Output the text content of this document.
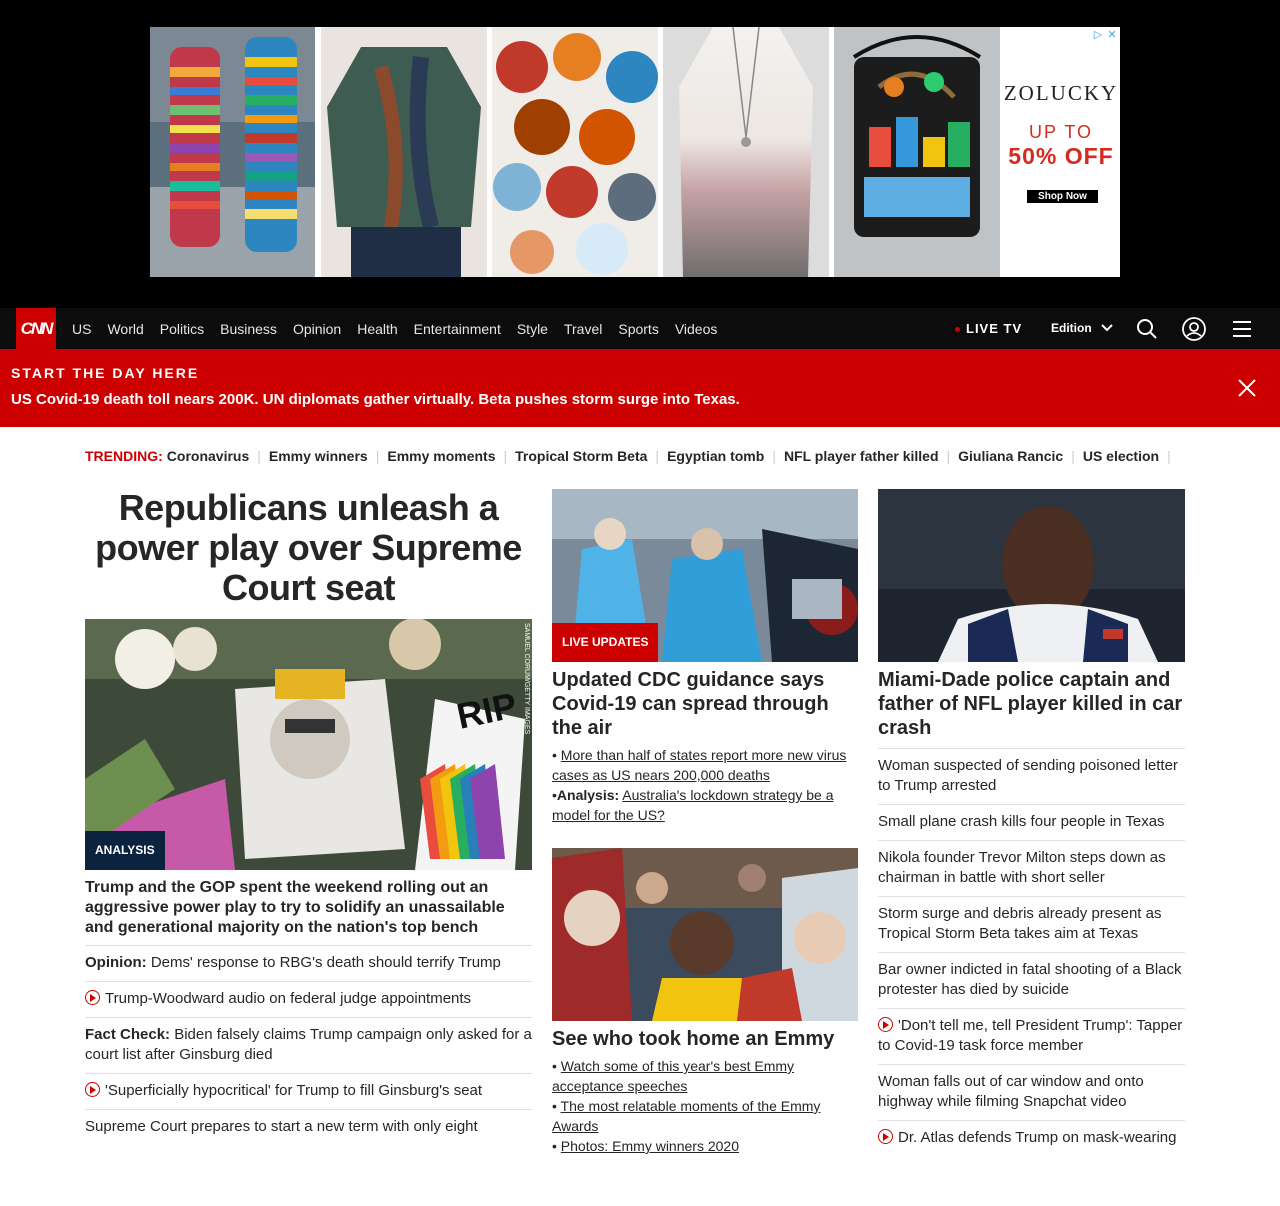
▷ ✕
ZOLUCKY
UP TO
50% OFF
Shop Now
CNN	US	World	Politics	Business	Opinion	Health	Entertainment	Style	Travel	Sports	Videos	LIVE TV Edition
START THE DAY HERE
US Covid-19 death toll nears 200K. UN diplomats gather virtually. Beta pushes storm surge into Texas.
TRENDING: Coronavirus | Emmy winners | Emmy moments | Tropical Storm Beta | Egyptian tomb | NFL player father killed | Giuliana Rancic | US election |
Republicans unleash a power play over Supreme Court seat
RIP SAMUEL CORUM/GETTY IMAGES
ANALYSIS
Trump and the GOP spent the weekend rolling out an aggressive power play to try to solidify an unassailable and generational majority on the nation's top bench
Opinion: Dems' response to RBG's death should terrify Trump
Trump-Woodward audio on federal judge appointments
Fact Check: Biden falsely claims Trump campaign only asked for a court list after Ginsburg died
'Superficially hypocritical' for Trump to fill Ginsburg's seat
Supreme Court prepares to start a new term with only eight
LIVE UPDATES
Updated CDC guidance says Covid-19 can spread through the air
• More than half of states report more new virus cases as US nears 200,000 deaths
•Analysis: Australia's lockdown strategy be a model for the US?
See who took home an Emmy
• Watch some of this year's best Emmy acceptance speeches
• The most relatable moments of the Emmy Awards
• Photos: Emmy winners 2020
Miami-Dade police captain and father of NFL player killed in car crash
Woman suspected of sending poisoned letter to Trump arrested
Small plane crash kills four people in Texas
Nikola founder Trevor Milton steps down as chairman in battle with short seller
Storm surge and debris already present as Tropical Storm Beta takes aim at Texas
Bar owner indicted in fatal shooting of a Black protester has died by suicide
'Don't tell me, tell President Trump': Tapper to Covid-19 task force member
Woman falls out of car window and onto highway while filming Snapchat video
Dr. Atlas defends Trump on mask-wearing
